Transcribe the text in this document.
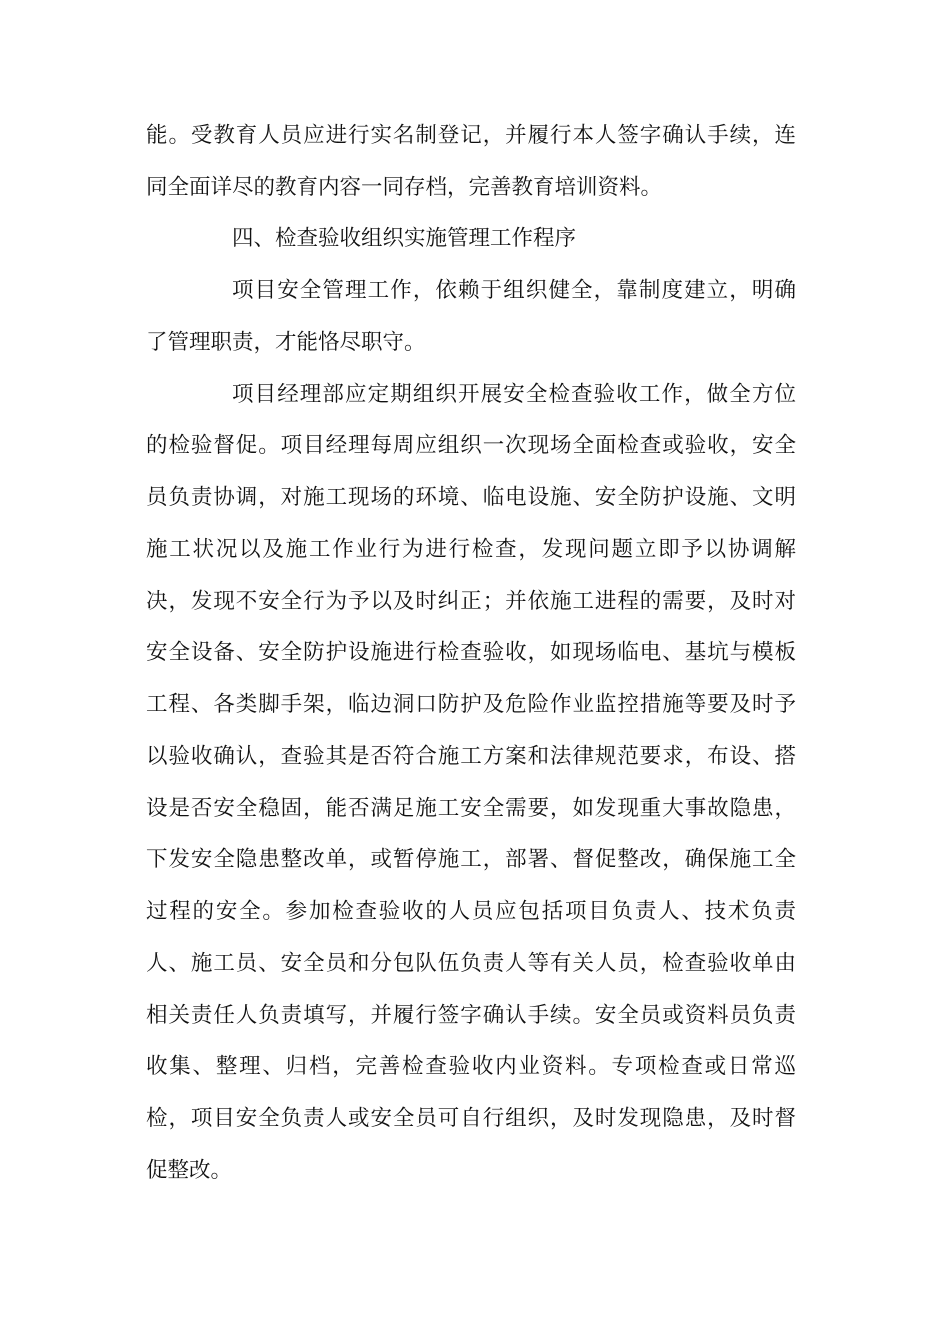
能。受教育人员应进行实名制登记，并履行本人签字确认手续，连
同全面详尽的教育内容一同存档，完善教育培训资料。
四、检查验收组织实施管理工作程序
项目安全管理工作，依赖于组织健全，靠制度建立，明确
了管理职责，才能恪尽职守。
项目经理部应定期组织开展安全检查验收工作，做全方位
的检验督促。项目经理每周应组织一次现场全面检查或验收，安全
员负责协调，对施工现场的环境、临电设施、安全防护设施、文明
施工状况以及施工作业行为进行检查，发现问题立即予以协调解
决，发现不安全行为予以及时纠正；并依施工进程的需要，及时对
安全设备、安全防护设施进行检查验收，如现场临电、基坑与模板
工程、各类脚手架，临边洞口防护及危险作业监控措施等要及时予
以验收确认，查验其是否符合施工方案和法律规范要求，布设、搭
设是否安全稳固，能否满足施工安全需要，如发现重大事故隐患，
下发安全隐患整改单，或暂停施工，部署、督促整改，确保施工全
过程的安全。参加检查验收的人员应包括项目负责人、技术负责
人、施工员、安全员和分包队伍负责人等有关人员，检查验收单由
相关责任人负责填写，并履行签字确认手续。安全员或资料员负责
收集、整理、归档，完善检查验收内业资料。专项检查或日常巡
检，项目安全负责人或安全员可自行组织，及时发现隐患，及时督
促整改。
